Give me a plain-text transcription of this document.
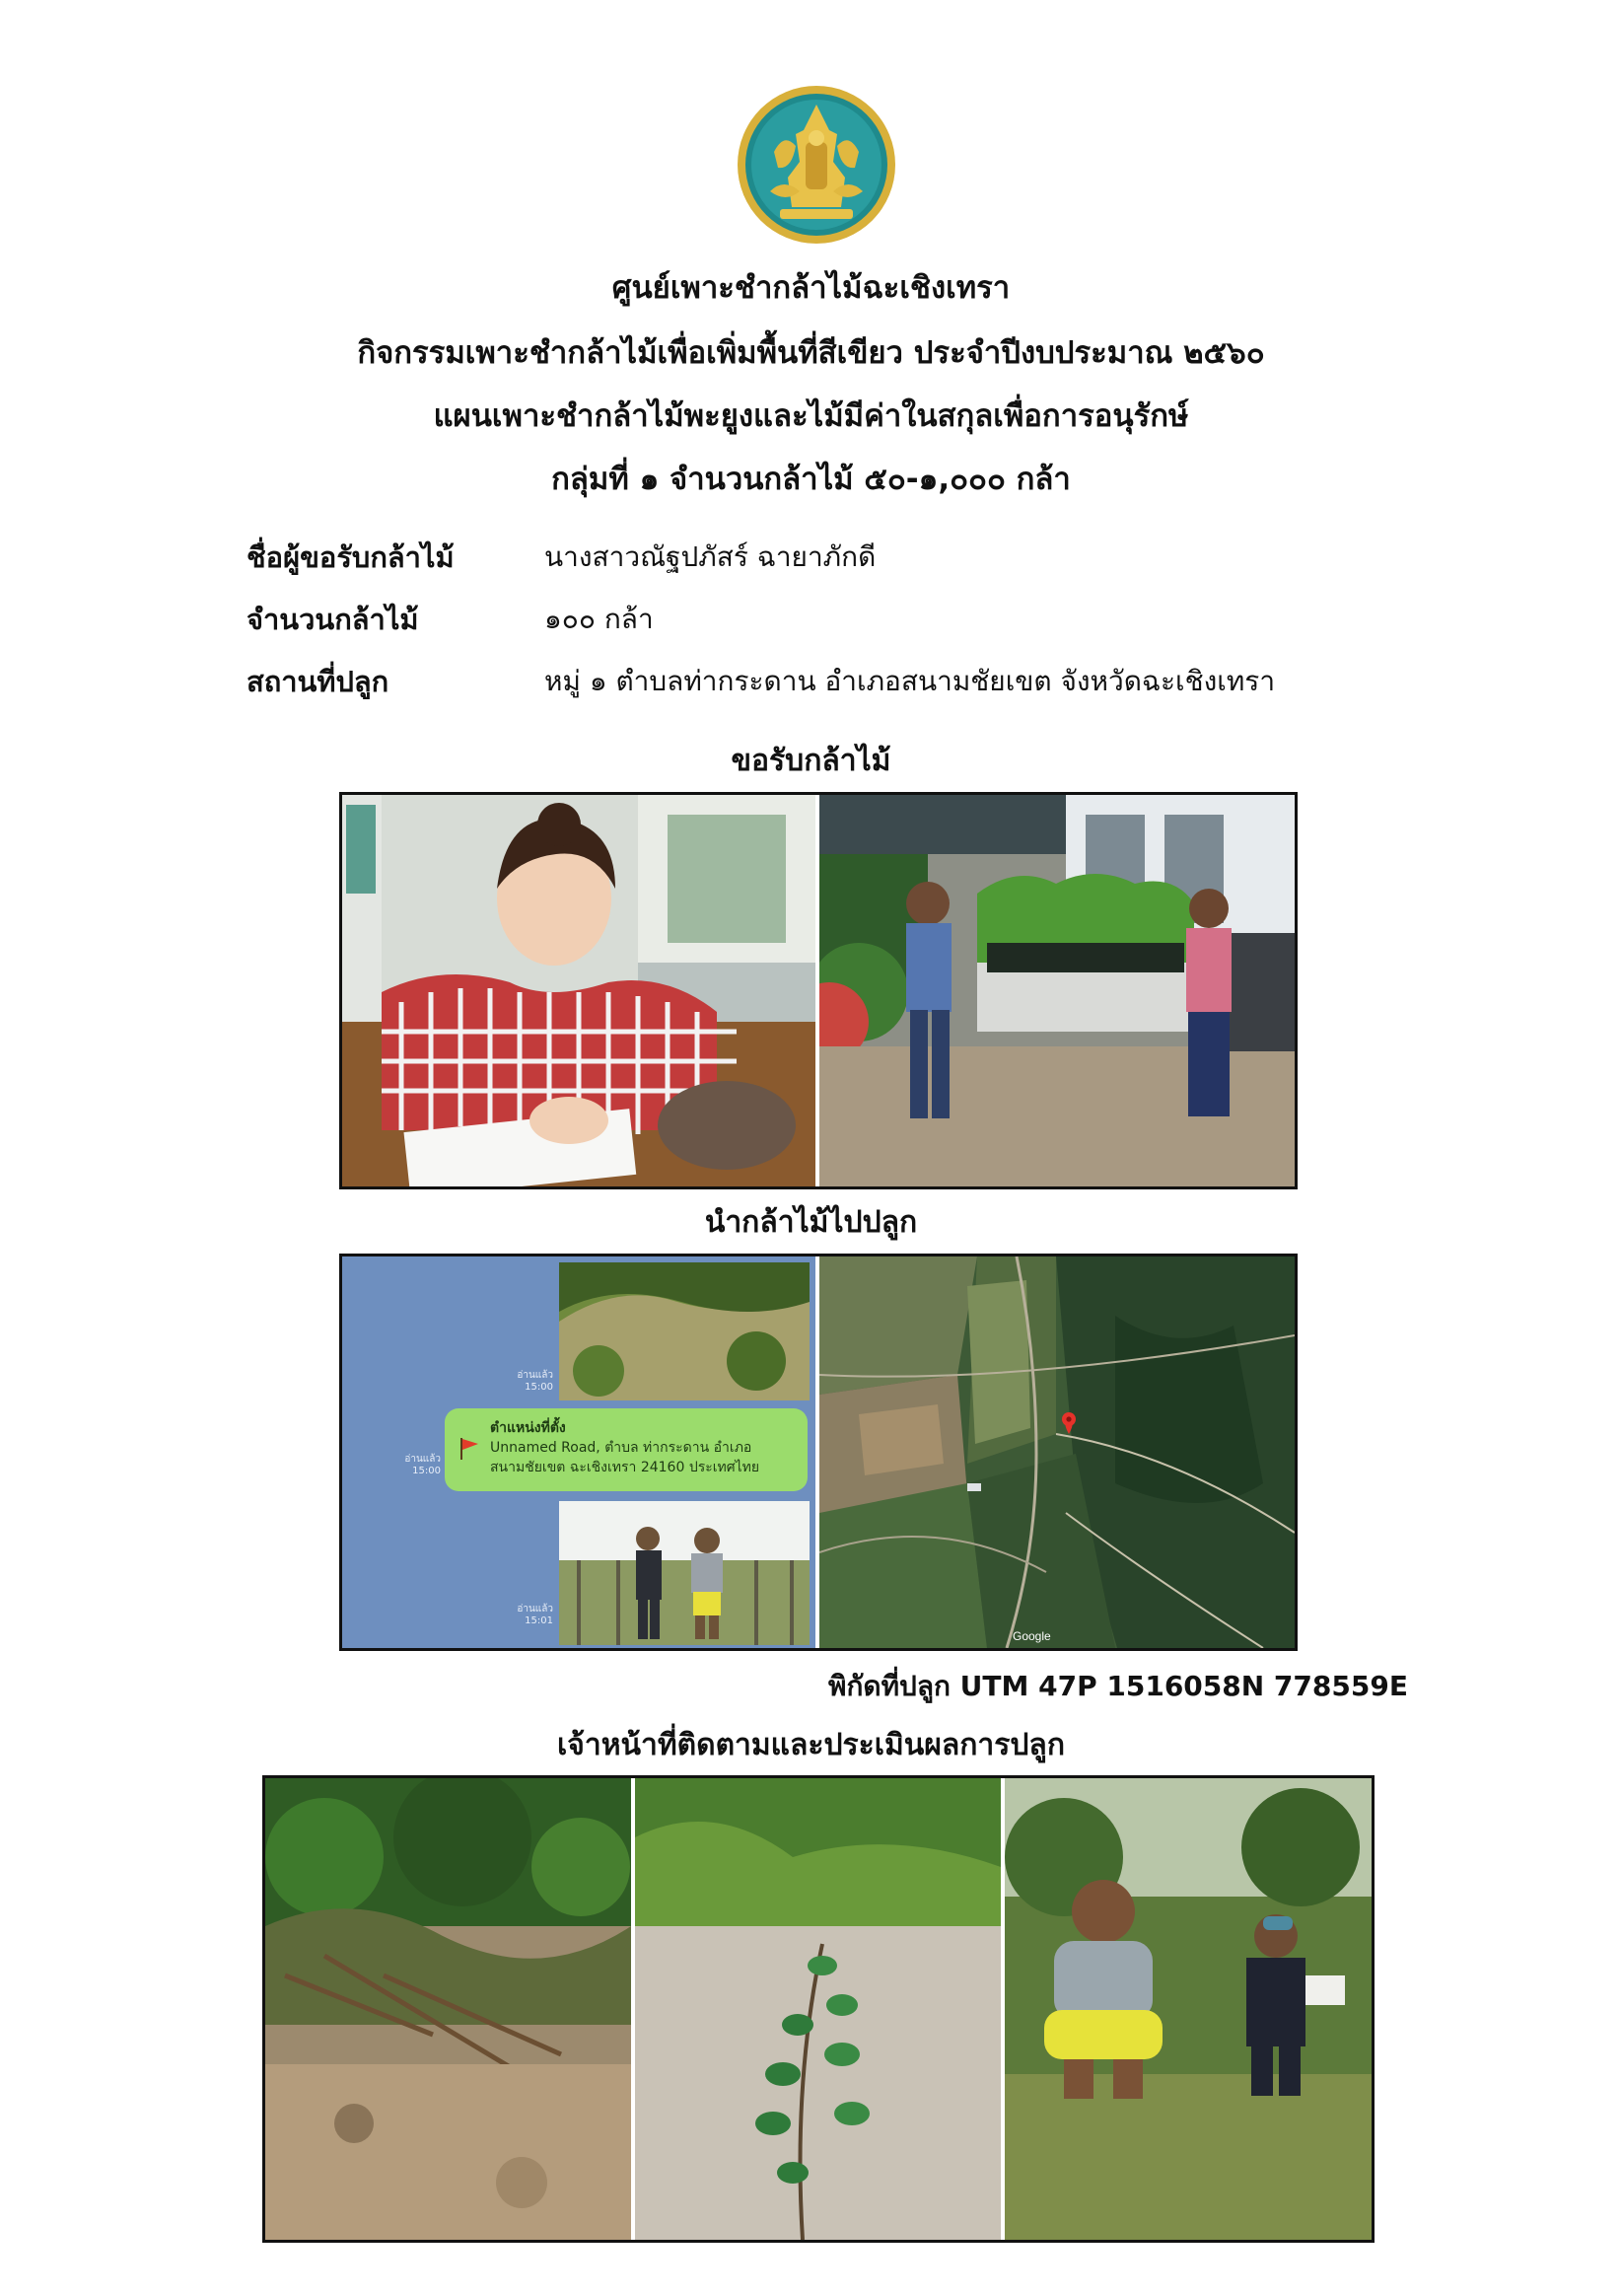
ศูนย์เพาะชำกล้าไม้ฉะเชิงเทรา
กิจกรรมเพาะชำกล้าไม้เพื่อเพิ่มพื้นที่สีเขียว ประจำปีงบประมาณ ๒๕๖๐
แผนเพาะชำกล้าไม้พะยูงและไม้มีค่าในสกุลเพื่อการอนุรักษ์
กลุ่มที่ ๑ จำนวนกล้าไม้ ๕๐-๑,๐๐๐ กล้า
ชื่อผู้ขอรับกล้าไม้	นางสาวณัฐปภัสร์ ฉายาภักดี
จำนวนกล้าไม้	๑๐๐ กล้า
สถานที่ปลูก	หมู่ ๑ ตำบลท่ากระดาน อำเภอสนามชัยเขต จังหวัดฉะเชิงเทรา
ขอรับกล้าไม้
นำกล้าไม้ไปปลูก
อ่านแล้ว
15:00
ตำแหน่งที่ตั้ง
Unnamed Road, ตำบล ท่ากระดาน อำเภอ
สนามชัยเขต ฉะเชิงเทรา 24160 ประเทศไทย
อ่านแล้ว
15:00
อ่านแล้ว
15:01
Google
พิกัดที่ปลูก UTM 47P 1516058N 778559E
เจ้าหน้าที่ติดตามและประเมินผลการปลูก
